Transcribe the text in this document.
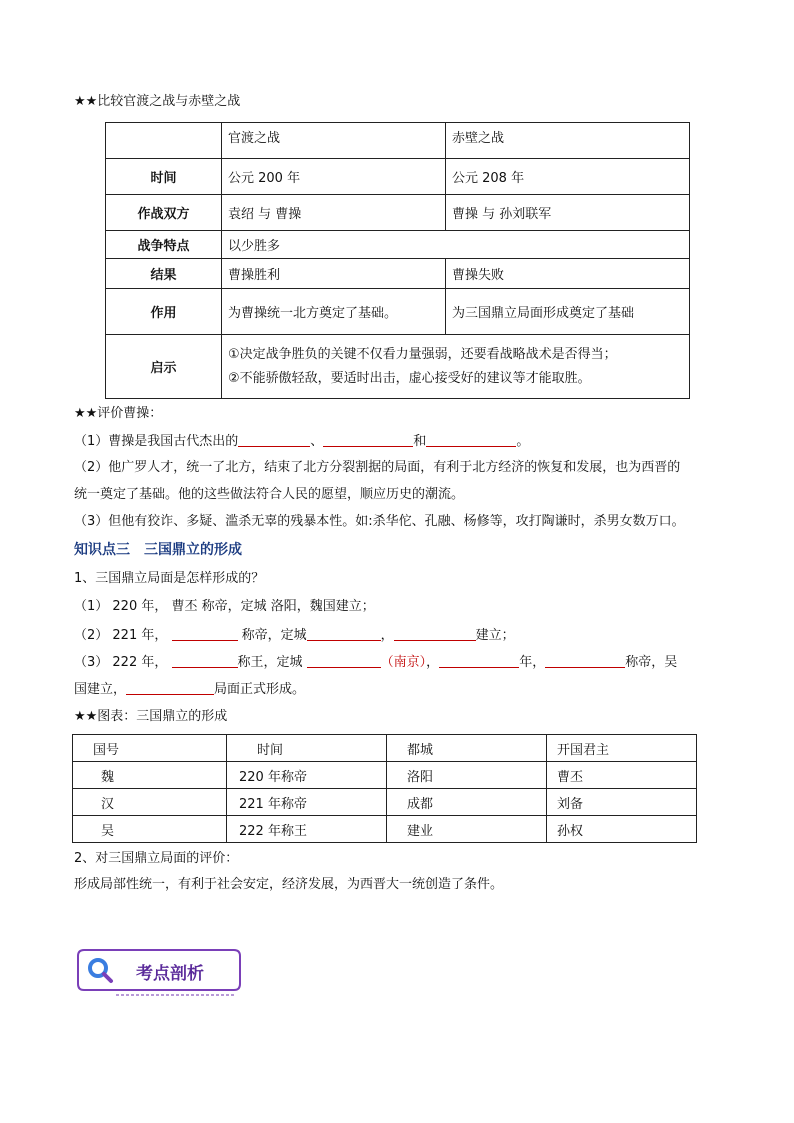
★★比较官渡之战与赤壁之战
	官渡之战	赤壁之战
时间	公元 200 年	公元 208 年
作战双方	袁绍 与 曹操	曹操 与 孙刘联军
战争特点	以少胜多	
结果	曹操胜利	曹操失败
作用	为曹操统一北方奠定了基础。	为三国鼎立局面形成奠定了基础
启示	①决定战争胜负的关键不仅看力量强弱，还要看战略战术是否得当；
②不能骄傲轻敌，要适时出击，虚心接受好的建议等才能取胜。	
★★评价曹操：
（1）曹操是我国古代杰出的	、	和	。
（2）他广罗人才，统一了北方，结束了北方分裂割据的局面，有利于北方经济的恢复和发展，也为西晋的
统一奠定了基础。他的这些做法符合人民的愿望，顺应历史的潮流。
（3）但他有狡诈、多疑、滥杀无辜的残暴本性。如:杀华佗、孔融、杨修等，攻打陶谦时，杀男女数万口。
知识点三　三国鼎立的形成
1、三国鼎立局面是怎样形成的？
（1） 220 年， 曹丕 称帝，定城 洛阳，魏国建立；
（2） 221 年，	称帝，定城	，	建立；
（3） 222 年，	称王，定城	（南京），	年，	称帝，吴
国建立，	局面正式形成。
★★图表：三国鼎立的形成
国号	时间	都城	开国君主
魏	220 年称帝	洛阳	曹丕
汉	221 年称帝	成都	刘备
吴	222 年称王	建业	孙权
2、对三国鼎立局面的评价：
形成局部性统一，有利于社会安定，经济发展，为西晋大一统创造了条件。
考点剖析
